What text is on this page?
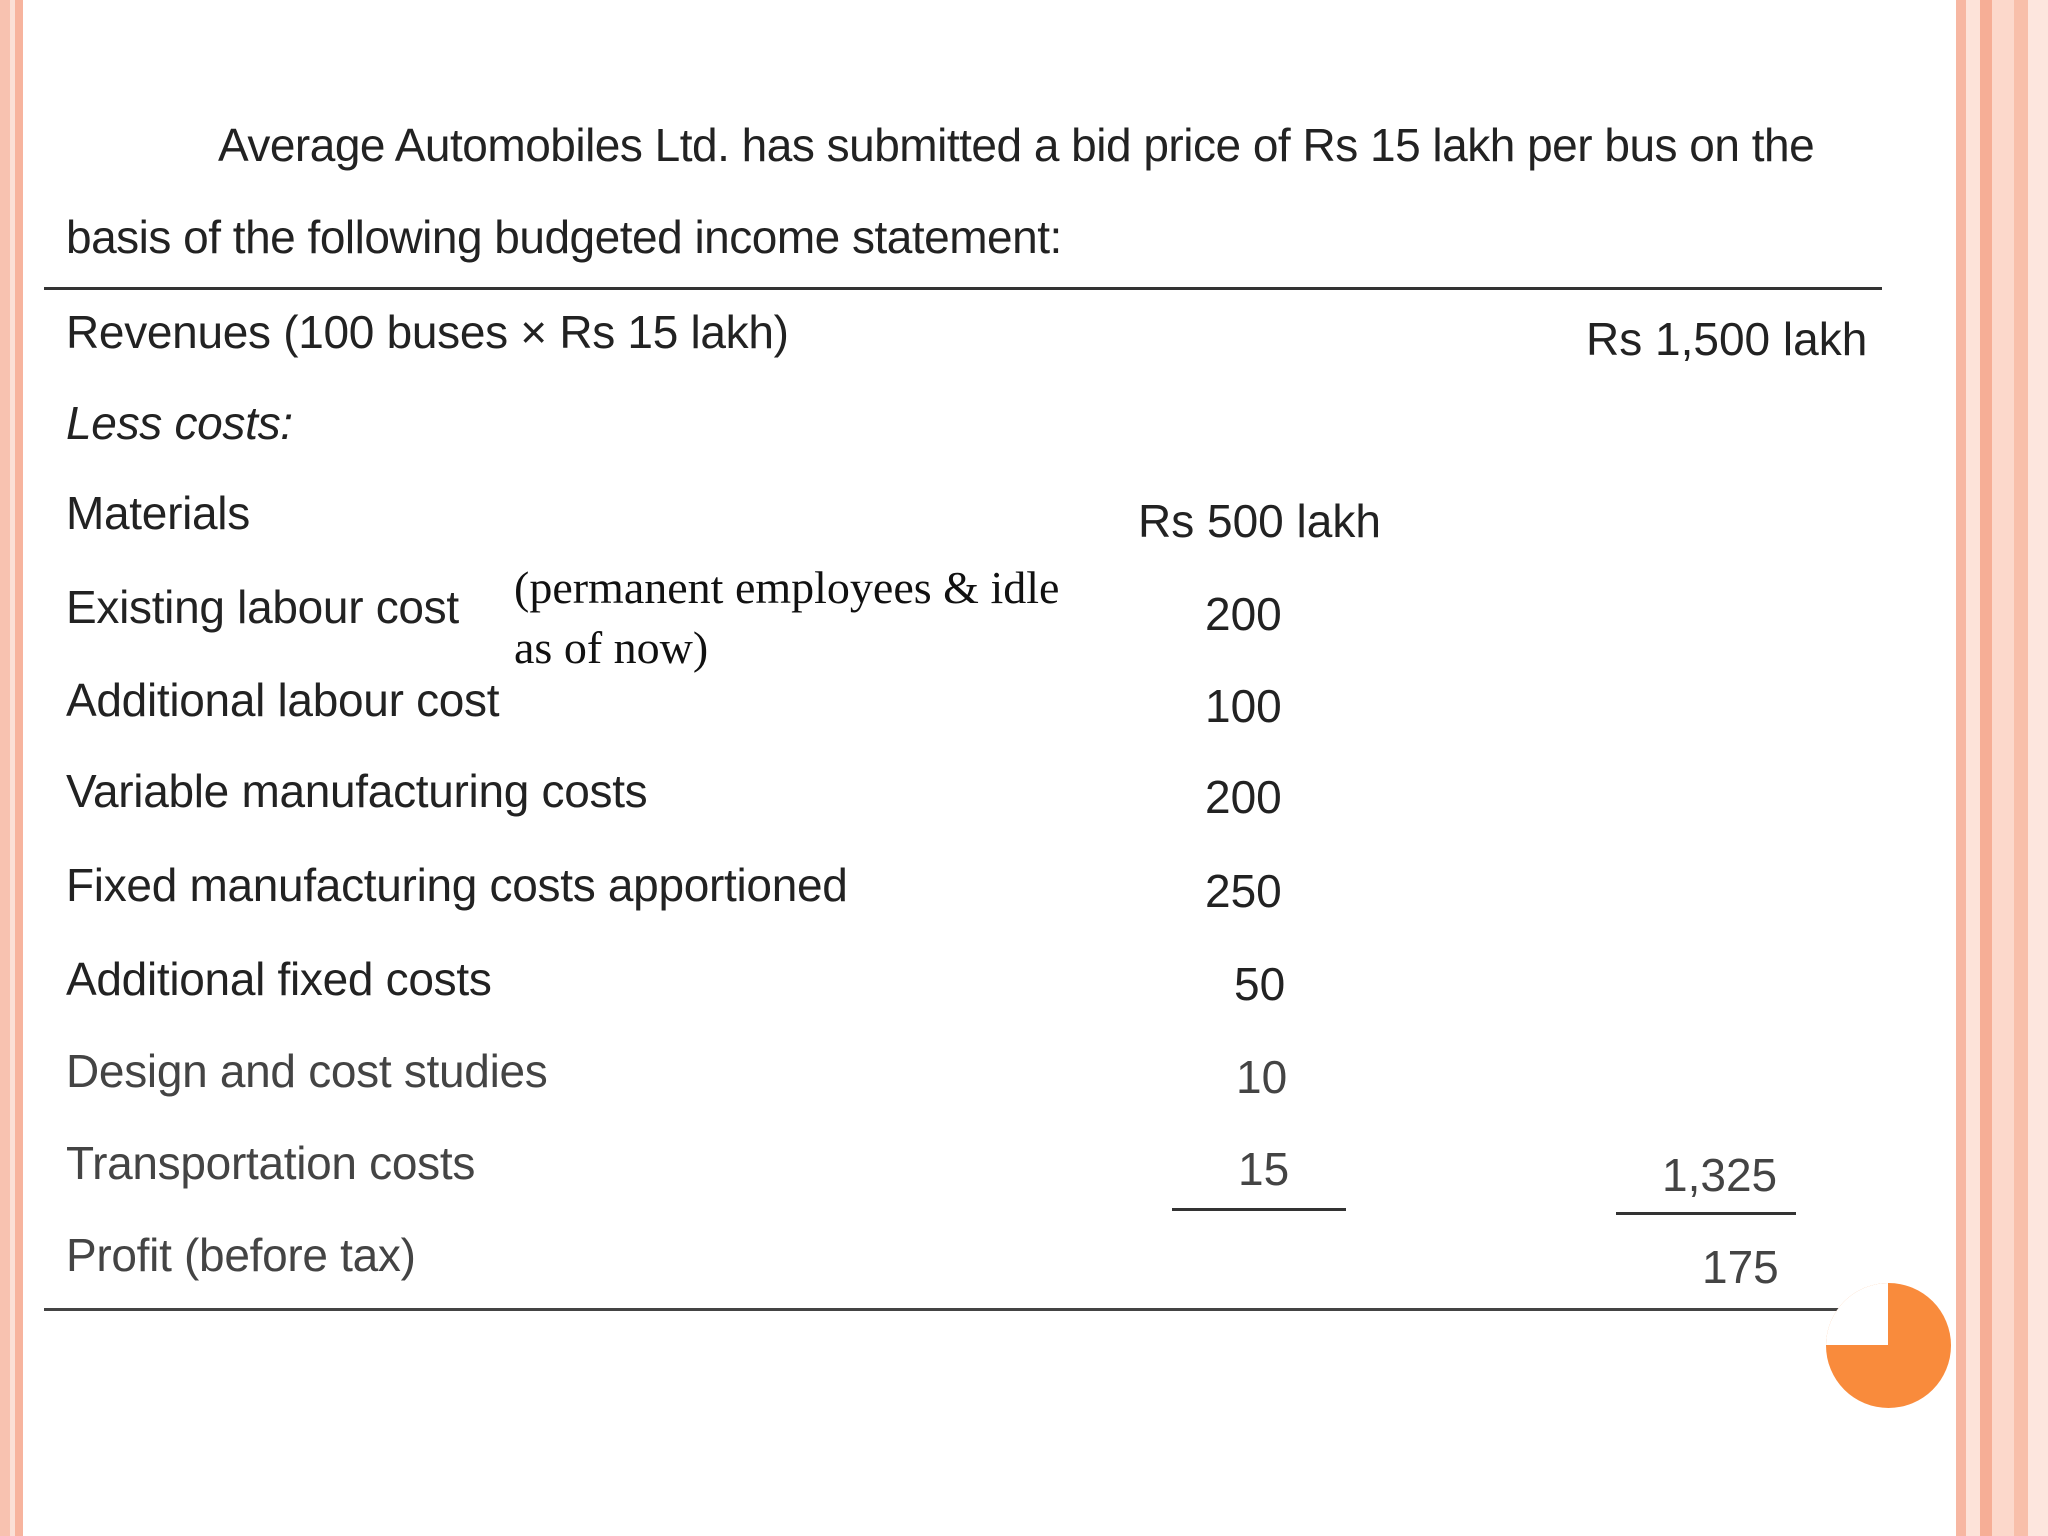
Average Automobiles Ltd. has submitted a bid price of Rs 15 lakh per bus on the
basis of the following budgeted income statement:
Revenues (100 buses × Rs 15 lakh)	Rs 1,500 lakh
Less costs:
Materials	Rs 500 lakh
Existing labour cost	200
Additional labour cost	100
Variable manufacturing costs	200
Fixed manufacturing costs apportioned	250
Additional fixed costs	50
Design and cost studies	10
Transportation costs	15	1,325
Profit (before tax)	175
(permanent employees & idle
as of now)
